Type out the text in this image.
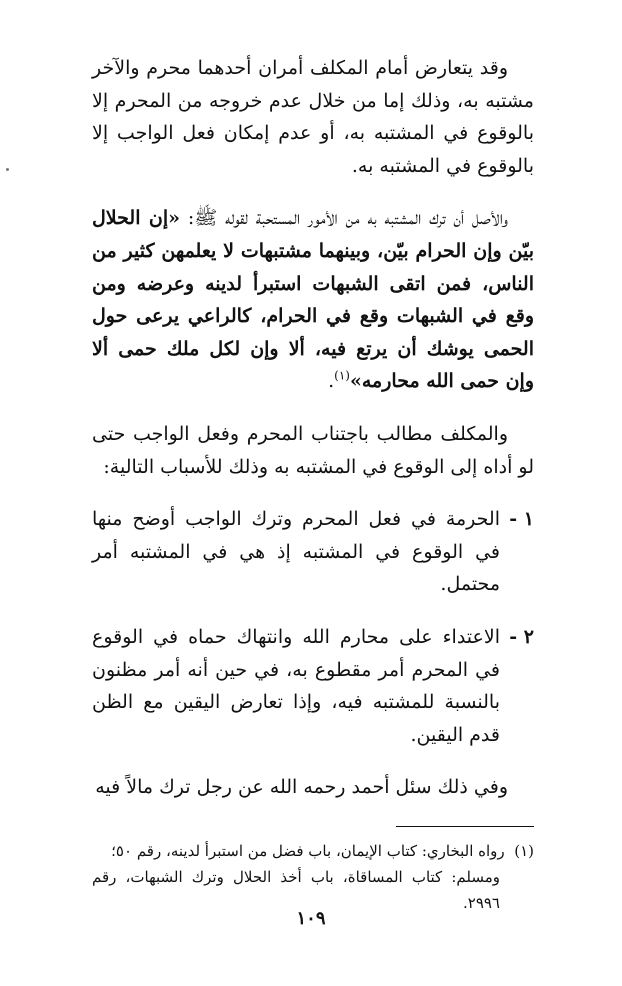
وقد يتعارض أمام المكلف أمران أحدهما محرم والآخر مشتبه به، وذلك إما من خلال عدم خروجه من المحرم إلا بالوقوع في المشتبه به، أو عدم إمكان فعل الواجب إلا بالوقوع في المشتبه به.

والأصل أن ترك المشتبه به من الأمور المستحبة لقوله ﷺ: «إن الحلال بيّن وإن الحرام بيّن، وبينهما مشتبهات لا يعلمهن كثير من الناس، فمن اتقى الشبهات استبرأ لدينه وعرضه ومن وقع في الشبهات وقع في الحرام، كالراعي يرعى حول الحمى يوشك أن يرتع فيه، ألا وإن لكل ملك حمى ألا وإن حمى الله محارمه»$^{(١)}$.

والمكلف مطالب باجتناب المحرم وفعل الواجب حتى لو أداه إلى الوقوع في المشتبه به وذلك للأسباب التالية:

١ -
الحرمة في فعل المحرم وترك الواجب أوضح منها في الوقوع في المشتبه إذ هي في المشتبه أمر محتمل.
٢ -
الاعتداء على محارم الله وانتهاك حماه في الوقوع في المحرم أمر مقطوع به، في حين أنه أمر مظنون بالنسبة للمشتبه فيه، وإذا تعارض اليقين مع الظن قدم اليقين.

وفي ذلك سئل أحمد رحمه الله عن رجل ترك مالاً فيه

(١)  رواه البخاري: كتاب الإيمان، باب فضل من استبرأ لدينه، رقم ٥٠؛

ومسلم: كتاب المساقاة، باب أخذ الحلال وترك الشبهات، رقم ٢٩٩٦.

١٠٩
